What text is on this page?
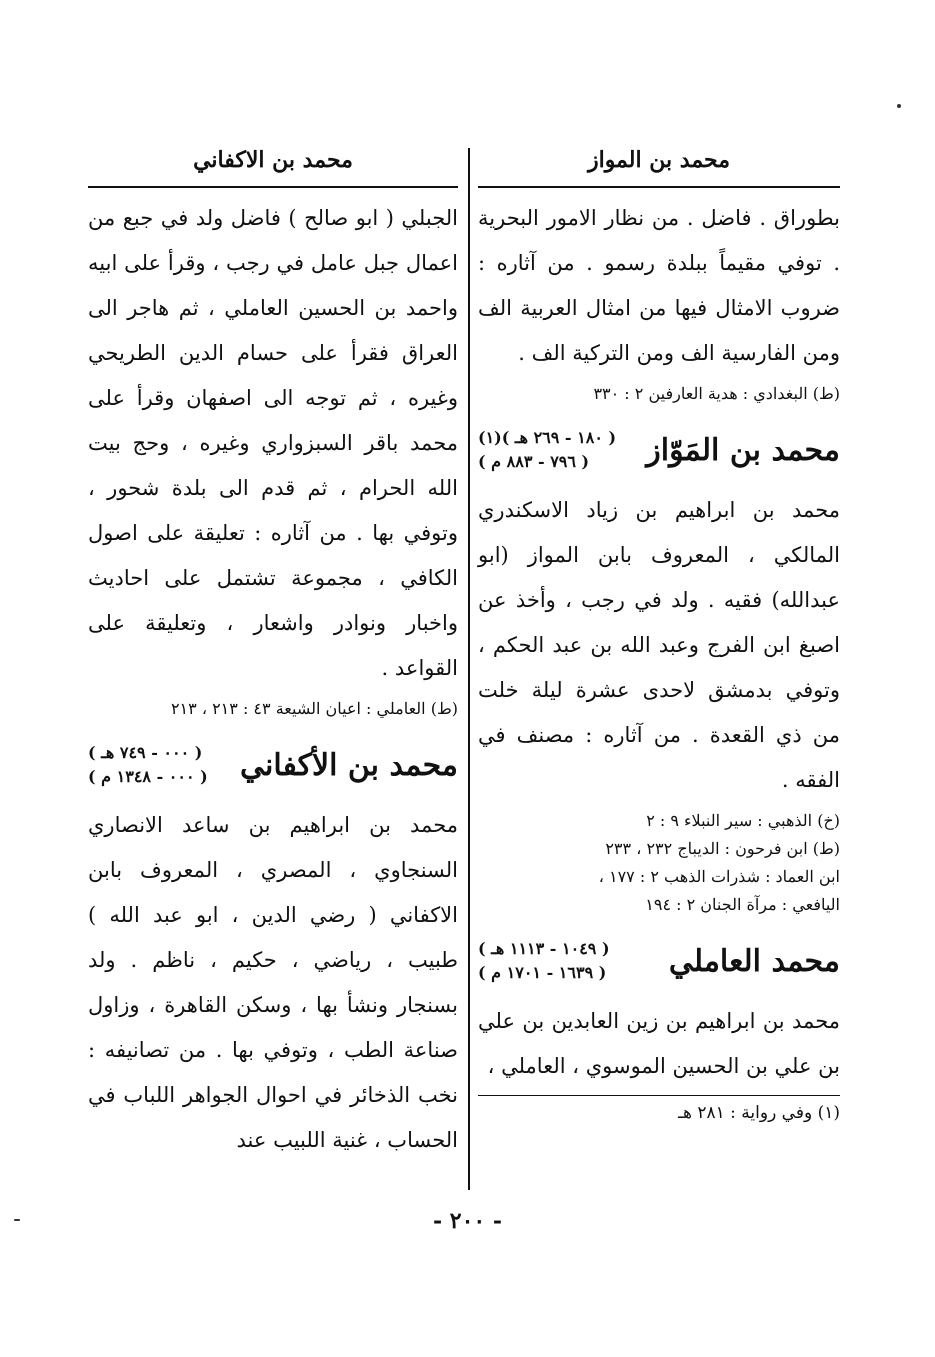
محمد بن المواز
بطوراق . فاضل . من نظار الامور البحرية . توفي مقيماً ببلدة رسمو . من آثاره : ضروب الامثال فيها من امثال العربية الف ومن الفارسية الف ومن التركية الف .
(ط) البغدادي : هدية العارفين ٢ : ٣٣٠
محمد بن المَوّاز
( ١٨٠ - ٢٦٩ هـ )(١)
( ٧٩٦ - ٨٨٣ م )
محمد بن ابراهيم بن زياد الاسكندري المالكي ، المعروف بابن المواز (ابو عبدالله) فقيه . ولد في رجب ، وأخذ عن اصبغ ابن الفرج وعبد الله بن عبد الحكم ، وتوفي بدمشق لاحدى عشرة ليلة خلت من ذي القعدة . من آثاره : مصنف في الفقه .
(خ) الذهبي : سير النبلاء ٩ : ٢
(ط) ابن فرحون : الديباج ٢٣٢ ، ٢٣٣
ابن العماد : شذرات الذهب ٢ : ١٧٧ ،
اليافعي : مرآة الجنان ٢ : ١٩٤
محمد العاملي
( ١٠٤٩ - ١١١٣ هـ )
( ١٦٣٩ - ١٧٠١ م )
محمد بن ابراهيم بن زين العابدين بن علي بن علي بن الحسين الموسوي ، العاملي ،
(١) وفي رواية : ٢٨١ هـ
محمد بن الاكفاني
الجبلي ( ابو صالح ) فاضل ولد في جبع من اعمال جبل عامل في رجب ، وقرأ على ابيه واحمد بن الحسين العاملي ، ثم هاجر الى العراق فقرأ على حسام الدين الطريحي وغيره ، ثم توجه الى اصفهان وقرأ على محمد باقر السبزواري وغيره ، وحج بيت الله الحرام ، ثم قدم الى بلدة شحور ، وتوفي بها . من آثاره : تعليقة على اصول الكافي ، مجموعة تشتمل على احاديث واخبار ونوادر واشعار ، وتعليقة على القواعد .
(ط) العاملي : اعيان الشيعة ٤٣ : ٢١٣ ، ٢١٣
محمد بن الأكفاني
( ٠٠٠ - ٧٤٩ هـ )
( ٠٠٠ - ١٣٤٨ م )
محمد بن ابراهيم بن ساعد الانصاري السنجاوي ، المصري ، المعروف بابن الاكفاني ( رضي الدين ، ابو عبد الله ) طبيب ، رياضي ، حكيم ، ناظم . ولد بسنجار ونشأ بها ، وسكن القاهرة ، وزاول صناعة الطب ، وتوفي بها . من تصانيفه : نخب الذخائر في احوال الجواهر اللباب في الحساب ، غنية اللبيب عند
- ٢٠٠ -
